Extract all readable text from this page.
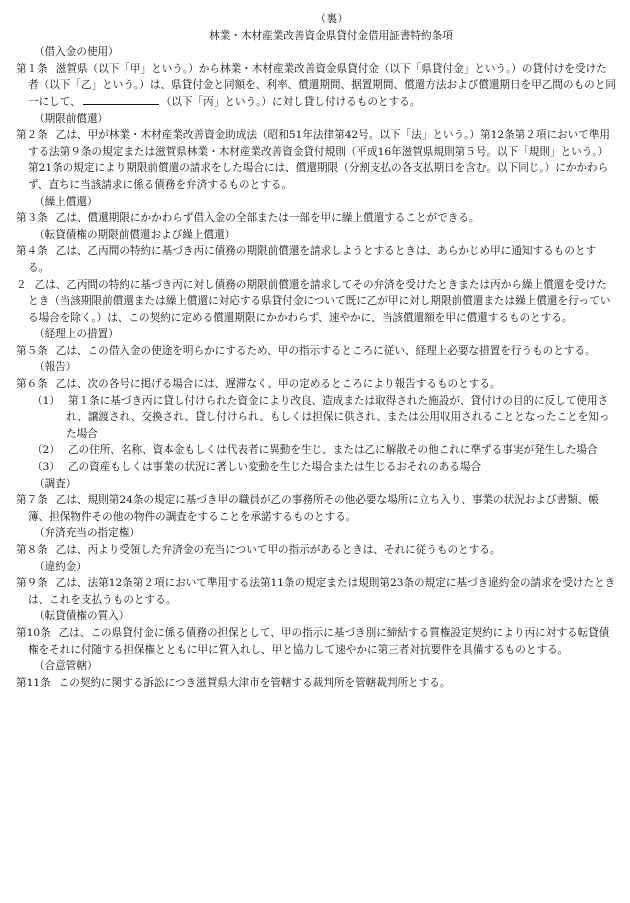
（裏）
林業・木材産業改善資金県貸付金借用証書特約条項
（借入金の使用）
第１条 滋賀県（以下「甲」という。）から林業・木材産業改善資金県貸付金（以下「県貸付金」という。）の貸付けを受けた者（以下「乙」という。）は、県貸付金と同額を、利率、償還期間、据置期間、償還方法および償還期日を甲乙間のものと同一にして、	（以下「丙」という。）に対し貸し付けるものとする。
（期限前償還）
第２条 乙は、甲が林業・木材産業改善資金助成法（昭和51年法律第42号。以下「法」という。）第12条第２項において準用する法第９条の規定または滋賀県林業・木材産業改善資金貸付規則（平成16年滋賀県規則第５号。以下「規則」という。）第21条の規定により期限前償還の請求をした場合には、償還期限（分割支払の各支払期日を含む。以下同じ。）にかかわらず、直ちに当該請求に係る債務を弁済するものとする。
（繰上償還）
第３条 乙は、償還期限にかかわらず借入金の全部または一部を甲に繰上償還することができる。
（転貸債権の期限前償還および繰上償還）
第４条 乙は、乙丙間の特約に基づき丙に債務の期限前償還を請求しようとするときは、あらかじめ甲に通知するものとする。
２ 乙は、乙丙間の特約に基づき丙に対し債務の期限前償還を請求してその弁済を受けたときまたは丙から繰上償還を受けたとき（当該期限前償還または繰上償還に対応する県貸付金について既に乙が甲に対し期限前償還または繰上償還を行っている場合を除く。）は、この契約に定める償還期限にかかわらず、速やかに、当該償還額を甲に償還するものとする。
（経理上の措置）
第５条 乙は、この借入金の使途を明らかにするため、甲の指示するところに従い、経理上必要な措置を行うものとする。
（報告）
第６条 乙は、次の各号に掲げる場合には、遅滞なく、甲の定めるところにより報告するものとする。
（1） 第１条に基づき丙に貸し付けられた資金により改良、造成または取得された施設が、貸付けの目的に反して使用され、譲渡され、交換され、貸し付けられ、もしくは担保に供され、または公用収用されることとなったことを知った場合
（2） 乙の住所、名称、資本金もしくは代表者に異動を生じ、または乙に解散その他これに準ずる事実が発生した場合
（3） 乙の資産もしくは事業の状況に著しい変動を生じた場合または生じるおそれのある場合
（調査）
第７条 乙は、規則第24条の規定に基づき甲の職員が乙の事務所その他必要な場所に立ち入り、事業の状況および書類、帳簿、担保物件その他の物件の調査をすることを承諾するものとする。
（弁済充当の指定権）
第８条 乙は、丙より受領した弁済金の充当について甲の指示があるときは、それに従うものとする。
（違約金）
第９条 乙は、法第12条第２項において準用する法第11条の規定または規則第23条の規定に基づき違約金の請求を受けたときは、これを支払うものとする。
（転貸債権の質入）
第10条 乙は、この県貸付金に係る債務の担保として、甲の指示に基づき別に締結する質権設定契約により丙に対する転貸債権をそれに付随する担保権とともに甲に質入れし、甲と協力して速やかに第三者対抗要件を具備するものとする。
（合意管轄）
第11条 この契約に関する訴訟につき滋賀県大津市を管轄する裁判所を管轄裁判所とする。
